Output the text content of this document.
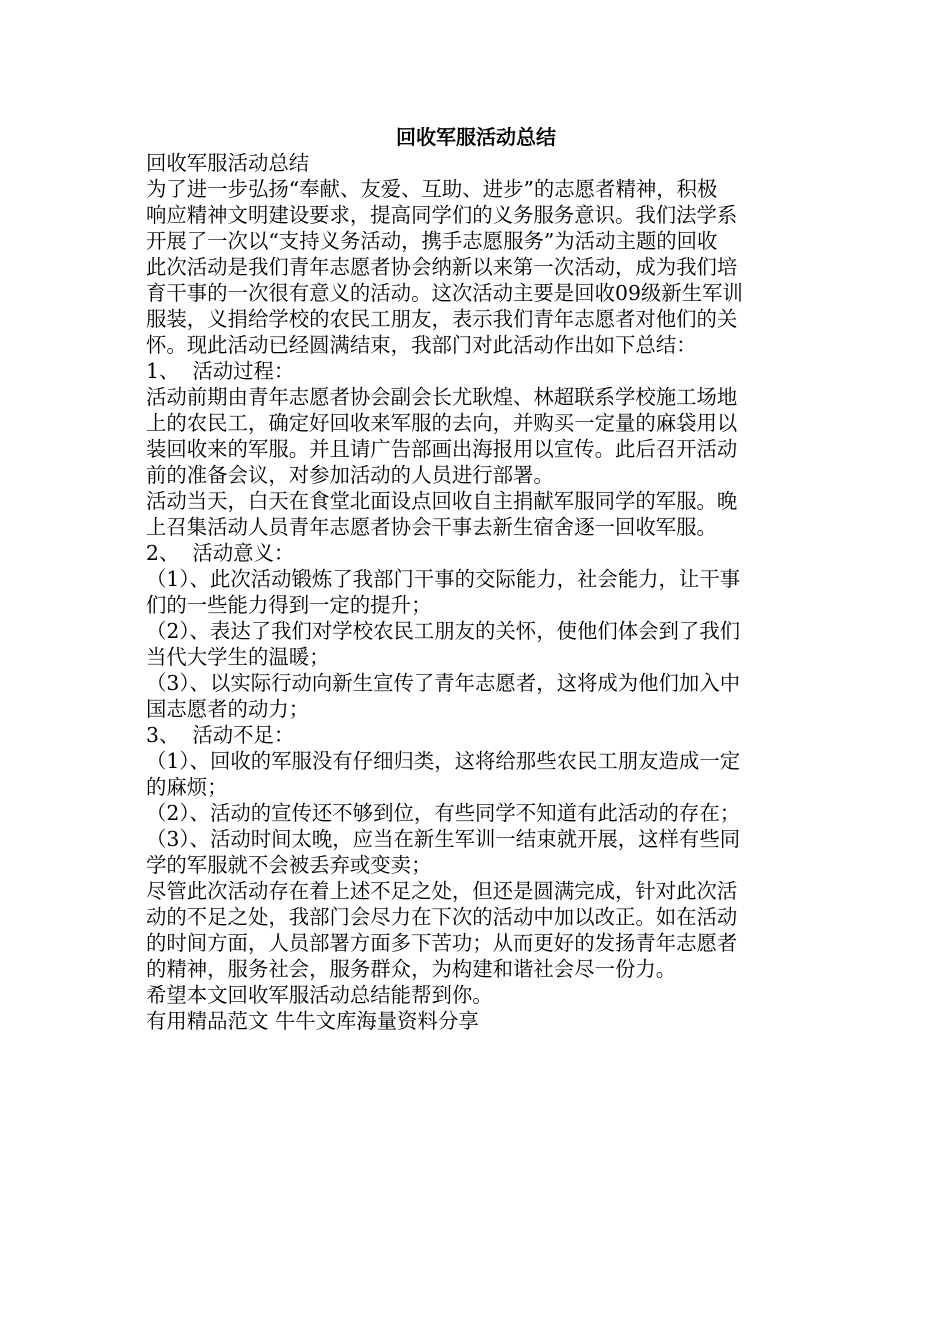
回收军服活动总结
回收军服活动总结
为了进一步弘扬“奉献、友爱、互助、进步”的志愿者精神，积极
响应精神文明建设要求，提高同学们的义务服务意识。我们法学系
开展了一次以“支持义务活动，携手志愿服务”为活动主题的回收
此次活动是我们青年志愿者协会纳新以来第一次活动，成为我们培
育干事的一次很有意义的活动。这次活动主要是回收09级新生军训
服装，义捐给学校的农民工朋友，表示我们青年志愿者对他们的关
怀。现此活动已经圆满结束，我部门对此活动作出如下总结：
1、  活动过程：
活动前期由青年志愿者协会副会长尤耿煌、林超联系学校施工场地
上的农民工，确定好回收来军服的去向，并购买一定量的麻袋用以
装回收来的军服。并且请广告部画出海报用以宣传。此后召开活动
前的准备会议，对参加活动的人员进行部署。
活动当天，白天在食堂北面设点回收自主捐献军服同学的军服。晚
上召集活动人员青年志愿者协会干事去新生宿舍逐一回收军服。
2、  活动意义：
（1）、此次活动锻炼了我部门干事的交际能力，社会能力，让干事
们的一些能力得到一定的提升；
（2）、表达了我们对学校农民工朋友的关怀，使他们体会到了我们
当代大学生的温暖；
（3）、以实际行动向新生宣传了青年志愿者，这将成为他们加入中
国志愿者的动力；
3、  活动不足：
（1）、回收的军服没有仔细归类，这将给那些农民工朋友造成一定
的麻烦；
（2）、活动的宣传还不够到位，有些同学不知道有此活动的存在；
（3）、活动时间太晚，应当在新生军训一结束就开展，这样有些同
学的军服就不会被丢弃或变卖；
尽管此次活动存在着上述不足之处，但还是圆满完成，针对此次活
动的不足之处，我部门会尽力在下次的活动中加以改正。如在活动
的时间方面，人员部署方面多下苦功；从而更好的发扬青年志愿者
的精神，服务社会，服务群众，为构建和谐社会尽一份力。
希望本文回收军服活动总结能帮到你。
有用精品范文 牛牛文库海量资料分享
